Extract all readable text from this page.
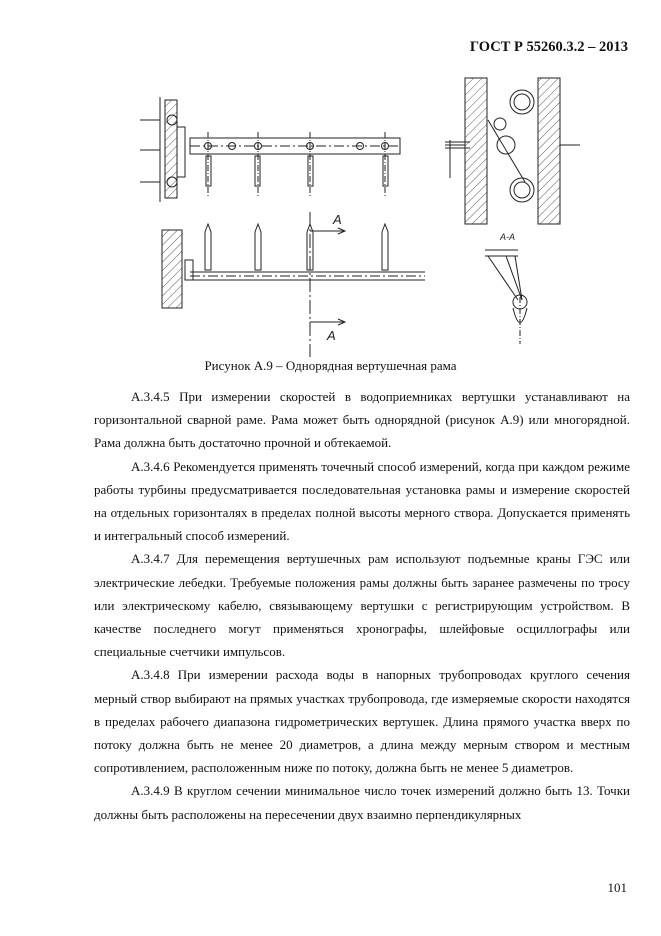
ГОСТ Р 55260.3.2 – 2013
А
А
А-А
Рисунок А.9 – Однорядная вертушечная рама

А.3.4.5 При измерении скоростей в водоприемниках вертушки устанавливают на горизонтальной сварной раме. Рама может быть однорядной (рисунок А.9) или многорядной. Рама должна быть достаточно прочной и обтекаемой.

А.3.4.6 Рекомендуется применять точечный способ измерений, когда при каждом режиме работы турбины предусматривается последовательная установка рамы и измерение скоростей на отдельных горизонталях в пределах полной высоты мерного створа. Допускается применять и интегральный способ измерений.

А.3.4.7 Для перемещения вертушечных рам используют подъемные краны ГЭС или электрические лебедки. Требуемые положения рамы должны быть заранее размечены по тросу или электрическому кабелю, связывающему вертушки с регистрирующим устройством. В качестве последнего могут применяться хронографы, шлейфовые осциллографы или специальные счетчики импульсов.

А.3.4.8 При измерении расхода воды в напорных трубопроводах круглого сечения мерный створ выбирают на прямых участках трубопровода, где измеряемые скорости находятся в пределах рабочего диапазона гидрометрических вертушек. Длина прямого участка вверх по потоку должна быть не менее 20 диаметров, а длина между мерным створом и местным сопротивлением, расположенным ниже по потоку, должна быть не менее 5 диаметров.

А.3.4.9 В круглом сечении минимальное число точек измерений должно быть 13. Точки должны быть расположены на пересечении двух взаимно перпендикулярных

101
